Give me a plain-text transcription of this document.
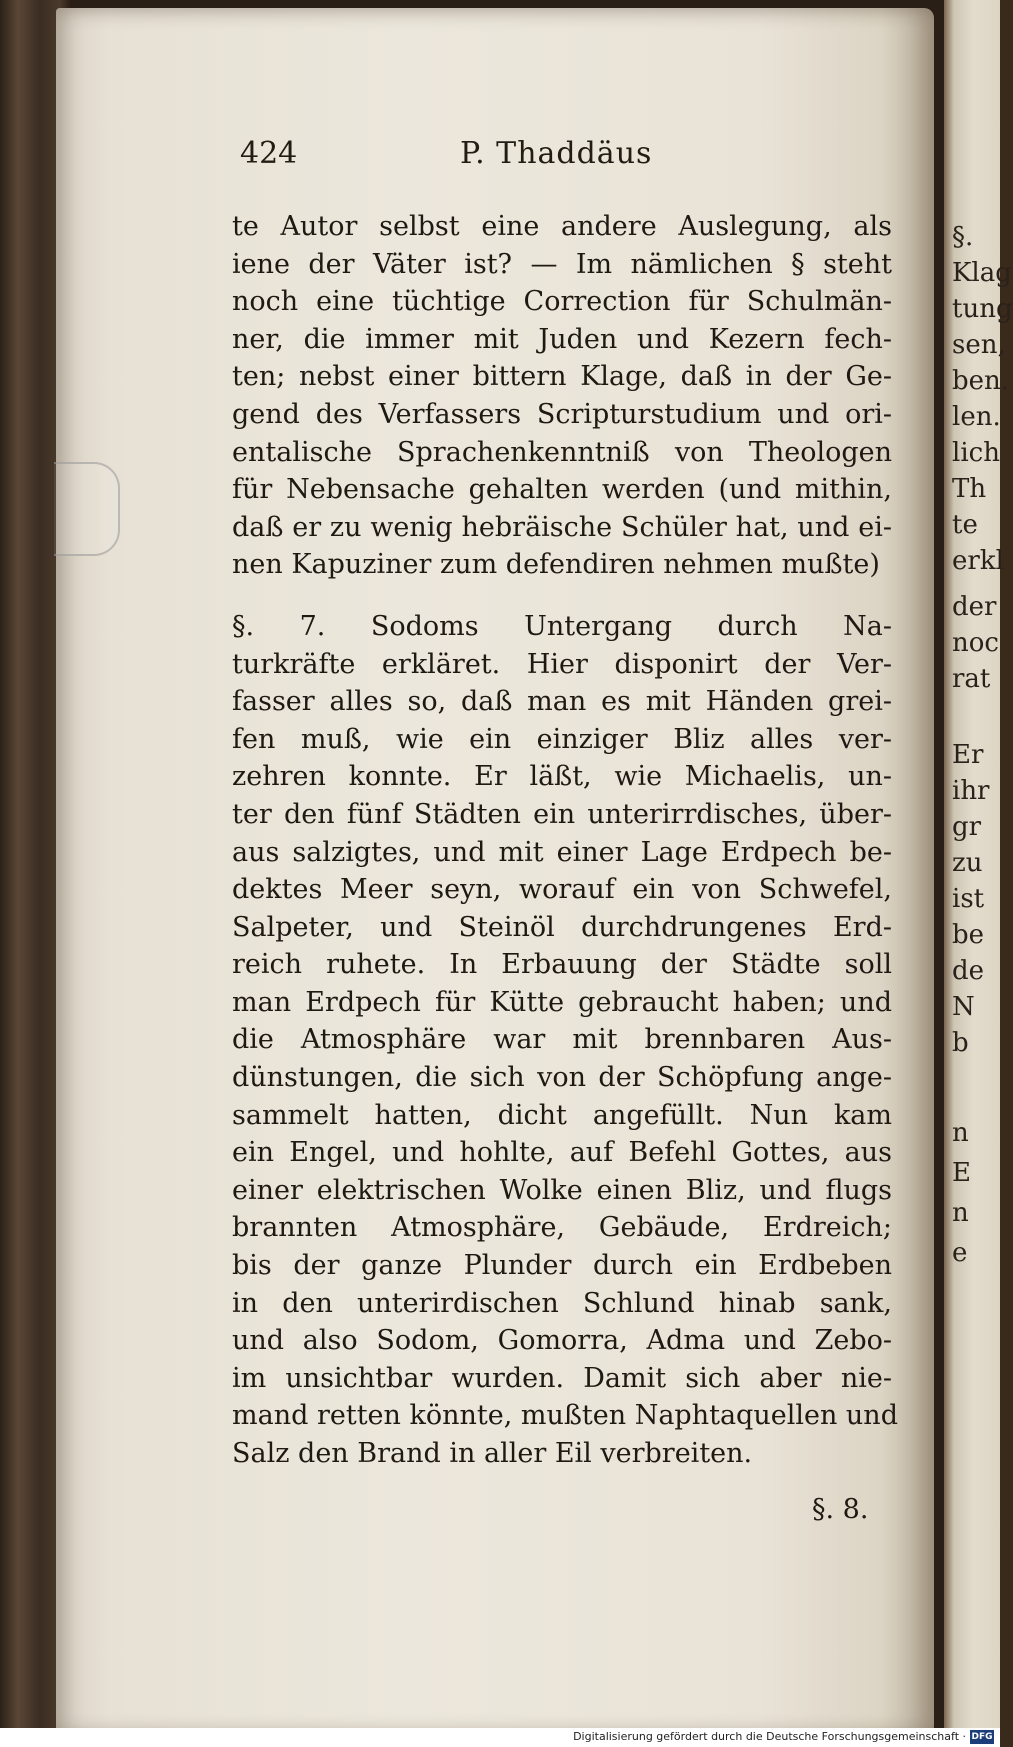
424	P. Thaddäus
te Autor selbst eine andere Auslegung, als
iene der Väter ist? — Im nämlichen § steht
noch eine tüchtige Correction für Schulmän-
ner, die immer mit Juden und Kezern fech-
ten; nebst einer bittern Klage, daß in der Ge-
gend des Verfassers Scripturstudium und ori-
entalische Sprachenkenntniß von Theologen
für Nebensache gehalten werden (und mithin,
daß er zu wenig hebräische Schüler hat, und ei-
nen Kapuziner zum defendiren nehmen mußte)
§. 7. Sodoms Untergang durch Na-
turkräfte erkläret. Hier disponirt der Ver-
fasser alles so, daß man es mit Händen grei-
fen muß, wie ein einziger Bliz alles ver-
zehren konnte. Er läßt, wie Michaelis, un-
ter den fünf Städten ein unterirrdisches, über-
aus salzigtes, und mit einer Lage Erdpech be-
dektes Meer seyn, worauf ein von Schwefel,
Salpeter, und Steinöl durchdrungenes Erd-
reich ruhete. In Erbauung der Städte soll
man Erdpech für Kütte gebraucht haben; und
die Atmosphäre war mit brennbaren Aus-
dünstungen, die sich von der Schöpfung ange-
sammelt hatten, dicht angefüllt. Nun kam
ein Engel, und hohlte, auf Befehl Gottes, aus
einer elektrischen Wolke einen Bliz, und flugs
brannten Atmosphäre, Gebäude, Erdreich;
bis der ganze Plunder durch ein Erdbeben
in den unterirdischen Schlund hinab sank,
und also Sodom, Gomorra, Adma und Zebo-
im unsichtbar wurden. Damit sich aber nie-
mand retten könnte, mußten Naphtaquellen und
Salz den Brand in aller Eil verbreiten.
§. 8.
§.
Klag
tung
sen,
ben.
len.
lich
Th
te
erkl
der
noc
rat
Er
ihr
gr
zu
ist
be
de
N
b
n
E
n
e
Digitalisierung gefördert durch die Deutsche Forschungsgemeinschaft · DFG
